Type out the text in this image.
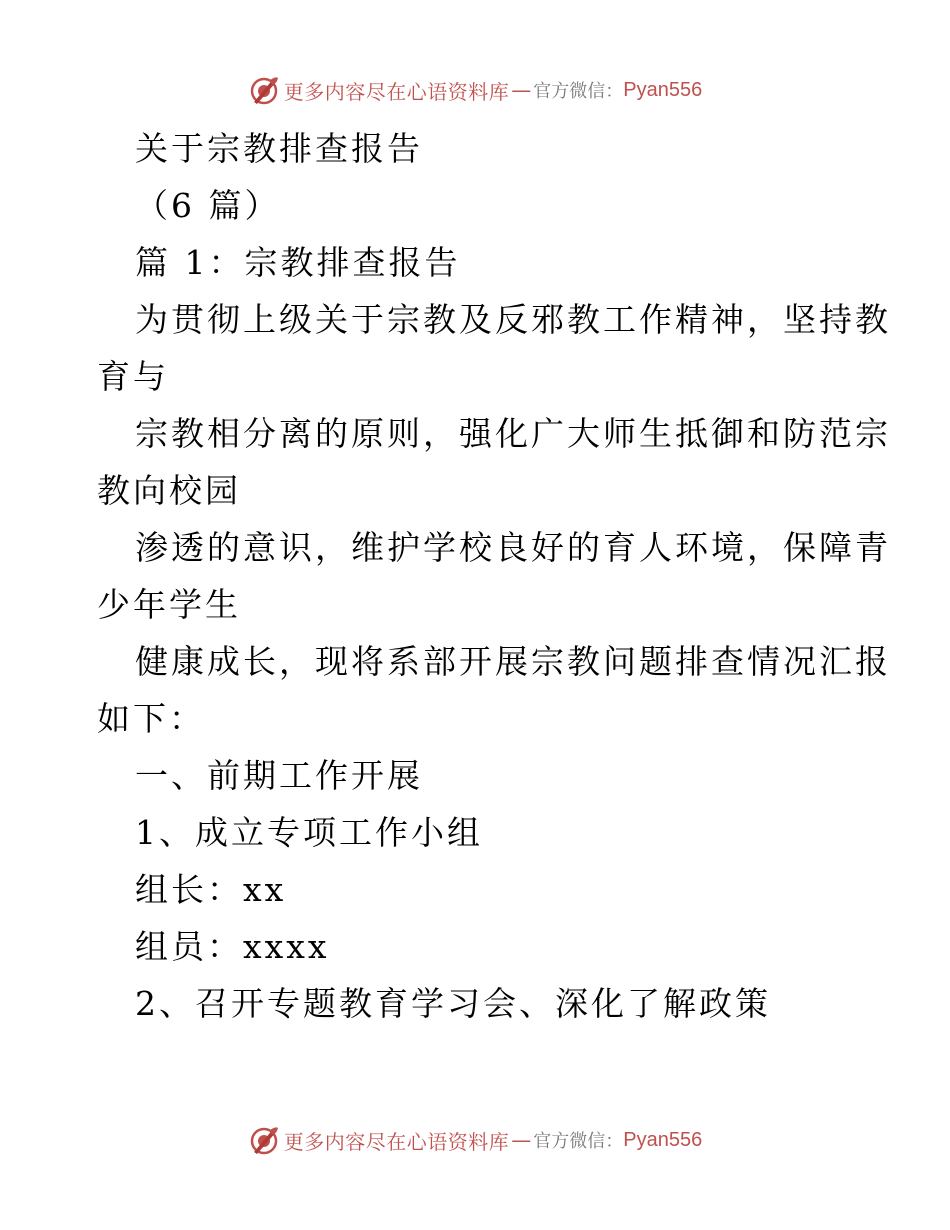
更多内容尽在心语资料库 — 官方微信： Pyan556
关于宗教排查报告
（6 篇）
篇 1：宗教排查报告
为贯彻上级关于宗教及反邪教工作精神，坚持教
育与
宗教相分离的原则，强化广大师生抵御和防范宗
教向校园
渗透的意识，维护学校良好的育人环境，保障青
少年学生
健康成长，现将系部开展宗教问题排查情况汇报
如下：
一、前期工作开展
1、成立专项工作小组
组长：xx
组员：xxxx
2、召开专题教育学习会、深化了解政策
更多内容尽在心语资料库 — 官方微信： Pyan556
